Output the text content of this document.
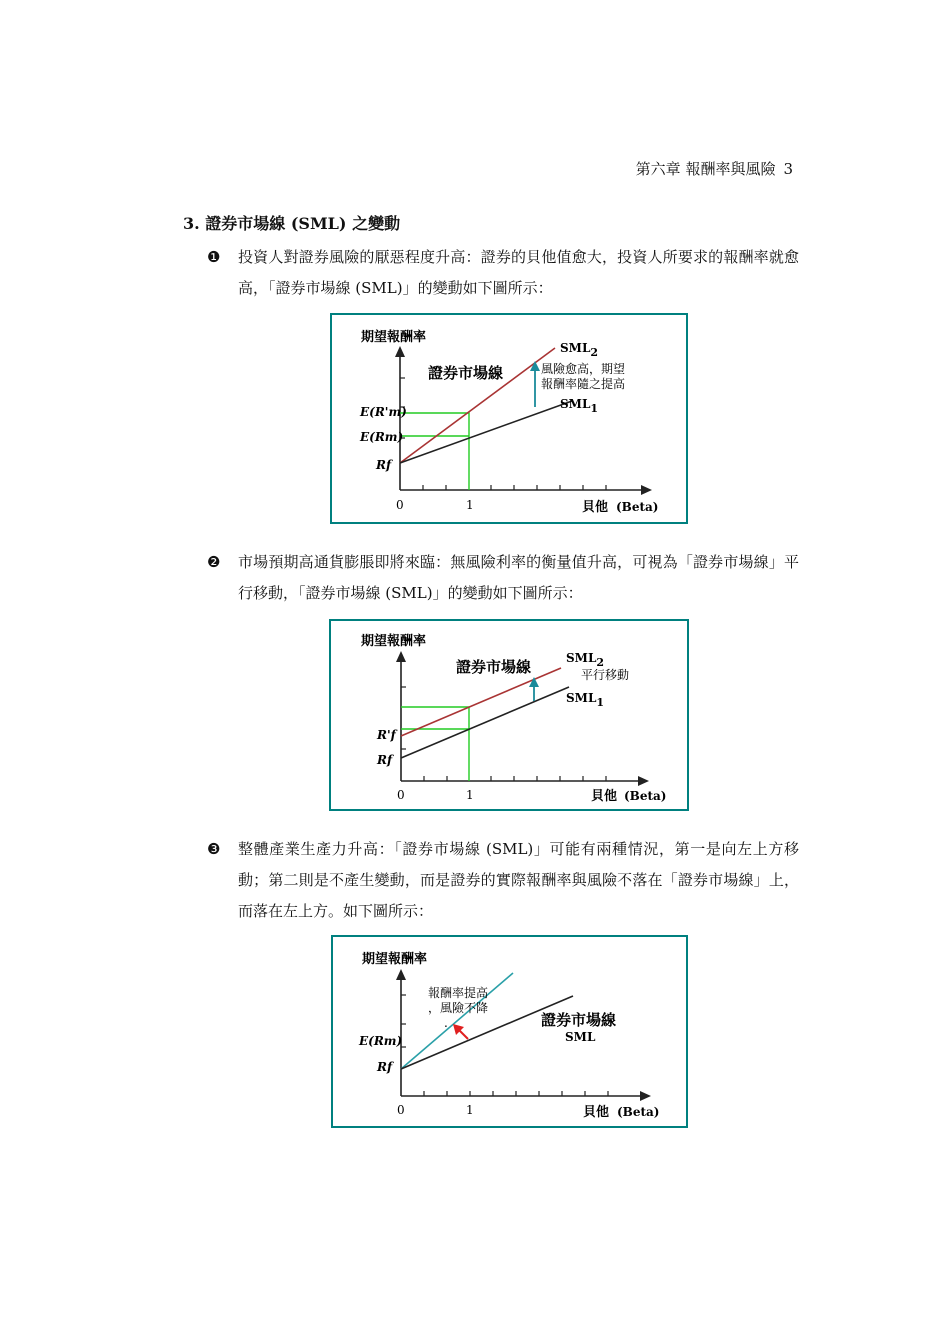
第六章 報酬率與風險 3
3. 證券市場線 (SML) 之變動
❶	投資人對證券風險的厭惡程度升高：證券的貝他值愈大，投資人所要求的報酬率就愈高，「證券市場線 (SML)」的變動如下圖所示：
期望報酬率
證券市場線	風險愈高，期望
報酬率隨之提高
SML2
SML1
E(R'm)
E(Rm)
Rf
0	1	貝他 (Beta)
❷	市場預期高通貨膨脹即將來臨：無風險利率的衡量值升高，可視為「證券市場線」平行移動，「證券市場線 (SML)」的變動如下圖所示：
期望報酬率
證券市場線	平行移動
SML2
SML1
R'f
Rf
0	1	貝他 (Beta)
❸	整體產業生產力升高：「證券市場線 (SML)」可能有兩種情況，第一是向左上方移動；第二則是不產生變動，而是證券的實際報酬率與風險不落在「證券市場線」上，而落在左上方。如下圖所示：
期望報酬率
報酬率提高
，風險不降
.	證券市場線
SML
E(Rm)
Rf
0	1	貝他 (Beta)
